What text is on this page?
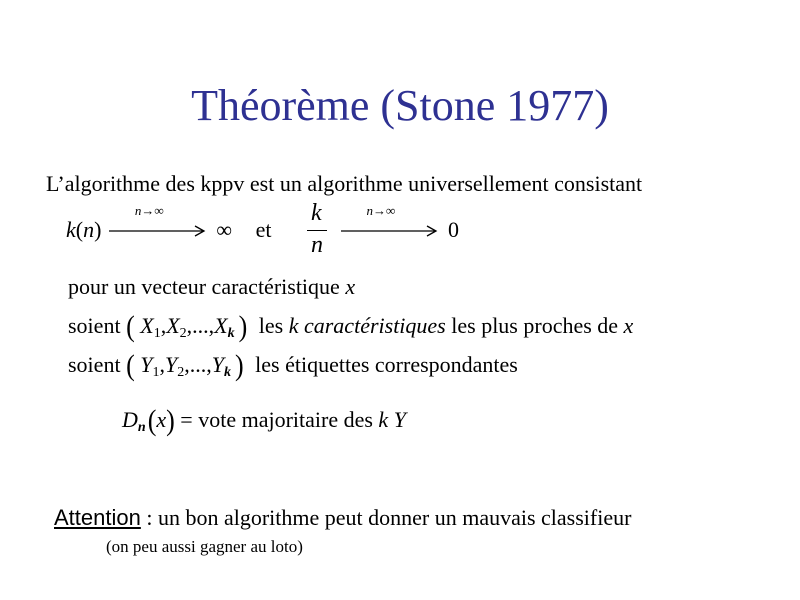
Théorème (Stone 1977)
L’algorithme des kppv est un algorithme universellement consistant
k(n)
n→∞
∞ et $\frac{k}{n}$
	n→∞
0
pour un vecteur caractéristique x
soient ( X1,X2,...,Xk ) les k caractéristiques les plus proches de x
soient ( Y1,Y2,...,Yk ) les étiquettes correspondantes
Dn(x) = vote majoritaire des k Y
Attention : un bon algorithme peut donner un mauvais classifieur
(on peu aussi gagner au loto)
